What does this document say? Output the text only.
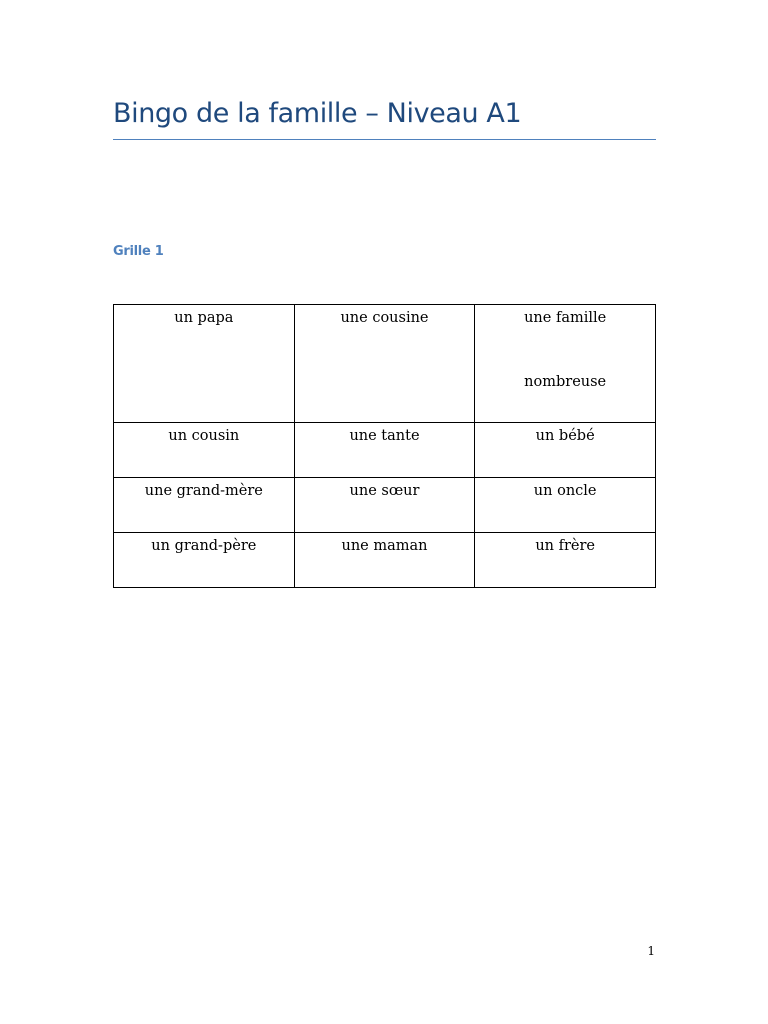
Bingo de la famille – Niveau A1
Grille 1
un papa	une cousine	une famille
nombreuse

un cousin	une tante	un bébé

une grand-mère	une sœur	un oncle

un grand-père	une maman	un frère
1
